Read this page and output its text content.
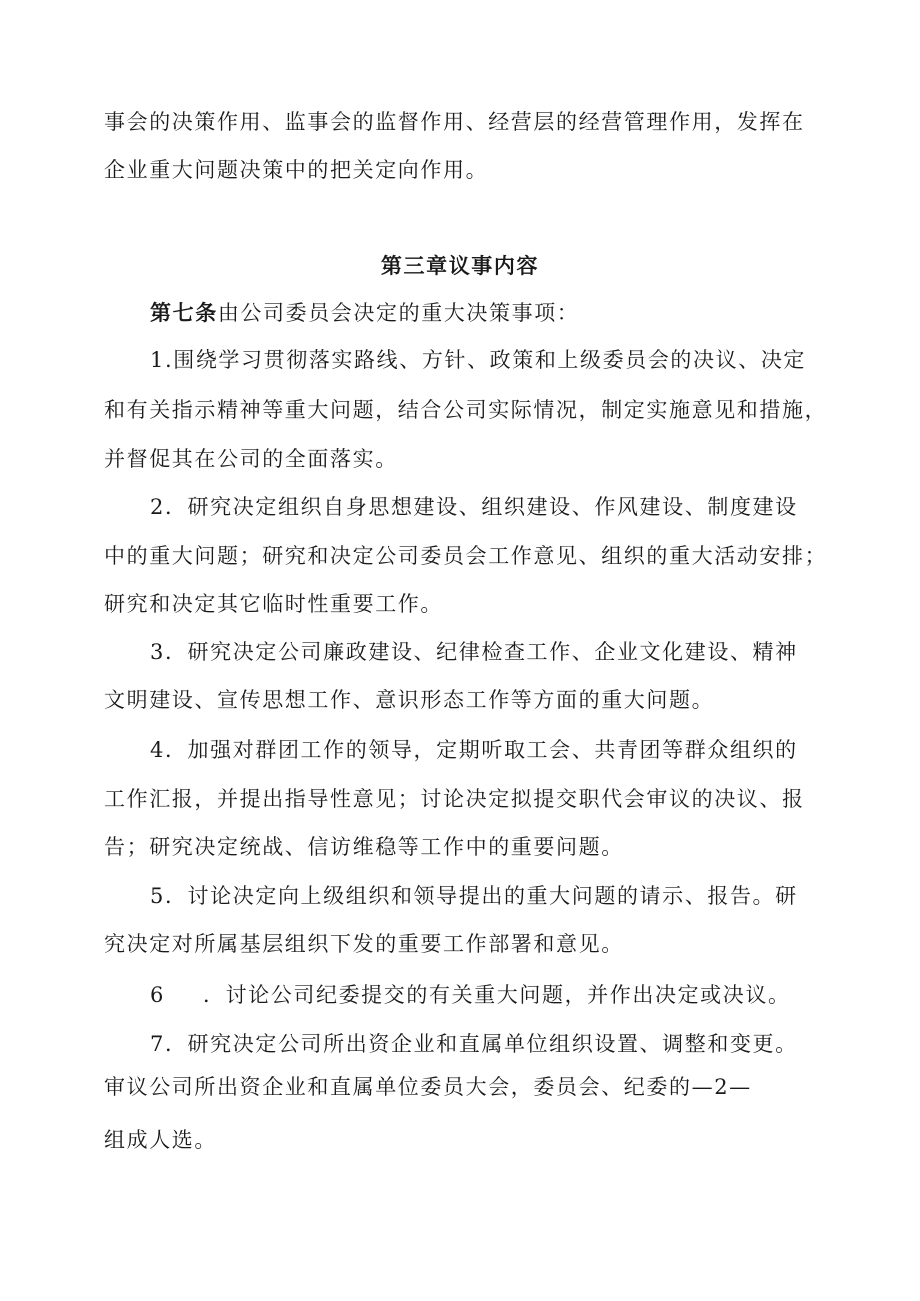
事会的决策作用、监事会的监督作用、经营层的经营管理作用，发挥在
企业重大问题决策中的把关定向作用。
第三章议事内容
第七条由公司委员会决定的重大决策事项：
1.围绕学习贯彻落实路线、方针、政策和上级委员会的决议、决定
和有关指示精神等重大问题，结合公司实际情况，制定实施意见和措施，
并督促其在公司的全面落实。
2．研究决定组织自身思想建设、组织建设、作风建设、制度建设
中的重大问题；研究和决定公司委员会工作意见、组织的重大活动安排；
研究和决定其它临时性重要工作。
3．研究决定公司廉政建设、纪律检查工作、企业文化建设、精神
文明建设、宣传思想工作、意识形态工作等方面的重大问题。
4．加强对群团工作的领导，定期听取工会、共青团等群众组织的
工作汇报，并提出指导性意见；讨论决定拟提交职代会审议的决议、报
告；研究决定统战、信访维稳等工作中的重要问题。
5．讨论决定向上级组织和领导提出的重大问题的请示、报告。研
究决定对所属基层组织下发的重要工作部署和意见。
6 ．讨论公司纪委提交的有关重大问题，并作出决定或决议。
7．研究决定公司所出资企业和直属单位组织设置、调整和变更。
审议公司所出资企业和直属单位委员大会，委员会、纪委的—2—
组成人选。
